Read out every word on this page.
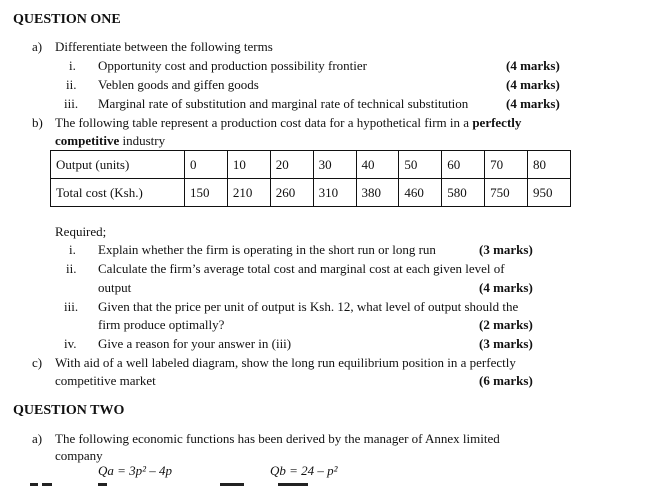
QUESTION ONE
a) Differentiate between the following terms
i. Opportunity cost and production possibility frontier	(4 marks)
ii. Veblen goods and giffen goods	(4 marks)
iii. Marginal rate of substitution and marginal rate of technical substitution	(4 marks)
b) The following table represent a production cost data for a hypothetical firm in a perfectly
competitive industry
Output (units)	0	10	20	30	40	50	60	70	80
Total cost (Ksh.)	150	210	260	310	380	460	580	750	950
Required;
i. Explain whether the firm is operating in the short run or long run	(3 marks)
ii. Calculate the firm’s average total cost and marginal cost at each given level of
output	(4 marks)
iii. Given that the price per unit of output is Ksh. 12, what level of output should the
firm produce optimally?	(2 marks)
iv. Give a reason for your answer in (iii)	(3 marks)
c) With aid of a well labeled diagram, show the long run equilibrium position in a perfectly
competitive market	(6 marks)
QUESTION TWO
a) The following economic functions has been derived by the manager of Annex limited
company
Qa = 3p² – 4p	Qb = 24 – p²
